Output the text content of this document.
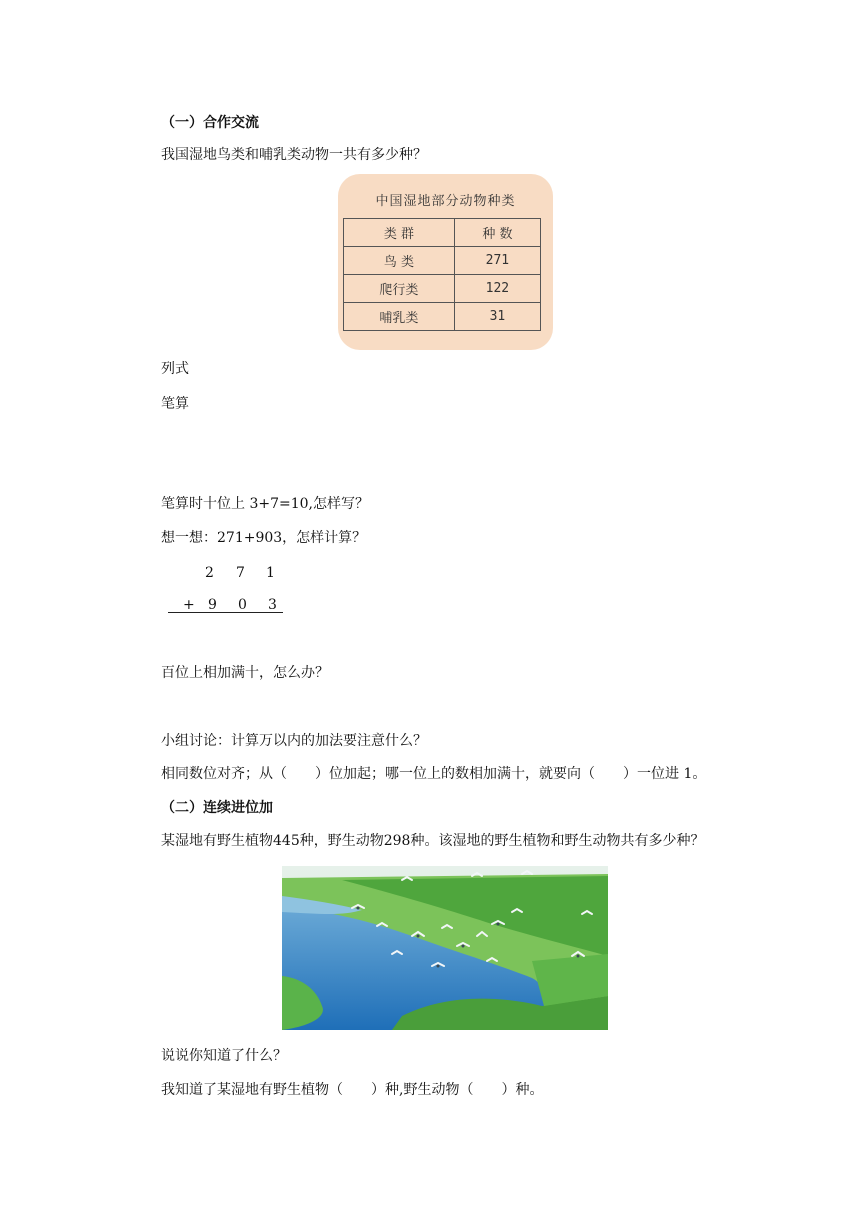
（一）合作交流
我国湿地鸟类和哺乳类动物一共有多少种？
中国湿地部分动物种类
类 群	种 数
鸟 类	271
爬行类	122
哺乳类	31
列式
笔算
笔算时十位上 3+7=10,怎样写？
想一想：271+903，怎样计算？
2 7 1
+ 9 0 3
百位上相加满十，怎么办？
小组讨论：计算万以内的加法要注意什么？
相同数位对齐；从（　　）位加起；哪一位上的数相加满十，就要向（　　）一位进 1。
（二）连续进位加
某湿地有野生植物445种，野生动物298种。该湿地的野生植物和野生动物共有多少种？
说说你知道了什么？
我知道了某湿地有野生植物（　　）种,野生动物（　　）种。
